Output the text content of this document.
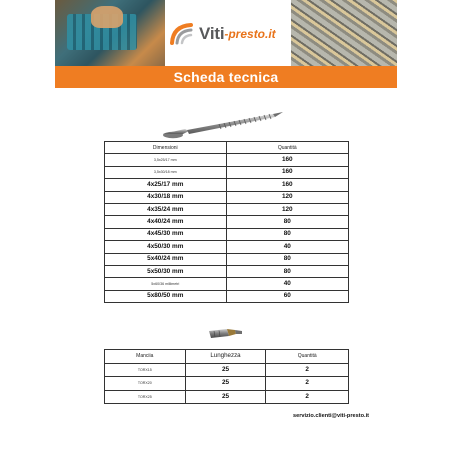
Viti -presto.it
Scheda tecnica
Dimensioni	Quantità
3,5x25/17 mm	160
3,5x30/18 mm	160
4x25/17 mm	160
4x30/18 mm	120
4x35/24 mm	120
4x40/24 mm	80
4x45/30 mm	80
4x50/30 mm	40
5x40/24 mm	80
5x50/30 mm	80
5x60/36 millimetri	40
5x80/50 mm	60
Manciia	Lunghezza	Quantità
TORX15	25	2
TORX20	25	2
TORX25	25	2
servizio.clienti@viti-presto.it
